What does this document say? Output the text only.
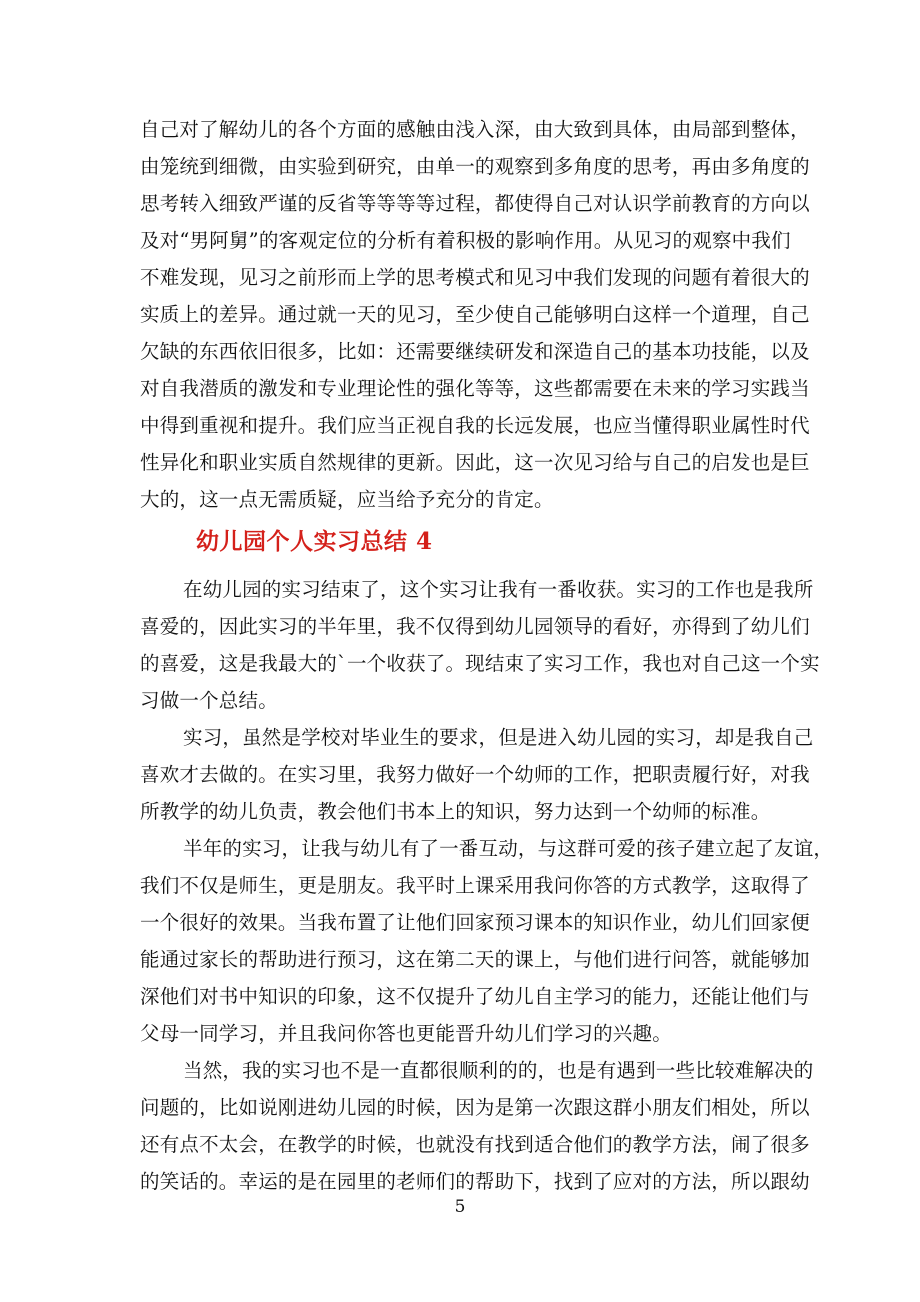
自己对了解幼儿的各个方面的感触由浅入深，由大致到具体，由局部到整体，
由笼统到细微，由实验到研究，由单一的观察到多角度的思考，再由多角度的
思考转入细致严谨的反省等等等等过程，都使得自己对认识学前教育的方向以
及对“男阿舅”的客观定位的分析有着积极的影响作用。从见习的观察中我们
不难发现，见习之前形而上学的思考模式和见习中我们发现的问题有着很大的
实质上的差异。通过就一天的见习，至少使自己能够明白这样一个道理，自己
欠缺的东西依旧很多，比如：还需要继续研发和深造自己的基本功技能，以及
对自我潜质的激发和专业理论性的强化等等，这些都需要在未来的学习实践当
中得到重视和提升。我们应当正视自我的长远发展，也应当懂得职业属性时代
性异化和职业实质自然规律的更新。因此，这一次见习给与自己的启发也是巨
大的，这一点无需质疑，应当给予充分的肯定。
幼儿园个人实习总结 4
在幼儿园的实习结束了，这个实习让我有一番收获。实习的工作也是我所
喜爱的，因此实习的半年里，我不仅得到幼儿园领导的看好，亦得到了幼儿们
的喜爱，这是我最大的`一个收获了。现结束了实习工作，我也对自己这一个实
习做一个总结。
实习，虽然是学校对毕业生的要求，但是进入幼儿园的实习，却是我自己
喜欢才去做的。在实习里，我努力做好一个幼师的工作，把职责履行好，对我
所教学的幼儿负责，教会他们书本上的知识，努力达到一个幼师的标准。
半年的实习，让我与幼儿有了一番互动，与这群可爱的孩子建立起了友谊，
我们不仅是师生，更是朋友。我平时上课采用我问你答的方式教学，这取得了
一个很好的效果。当我布置了让他们回家预习课本的知识作业，幼儿们回家便
能通过家长的帮助进行预习，这在第二天的课上，与他们进行问答，就能够加
深他们对书中知识的印象，这不仅提升了幼儿自主学习的能力，还能让他们与
父母一同学习，并且我问你答也更能晋升幼儿们学习的兴趣。
当然，我的实习也不是一直都很顺利的的，也是有遇到一些比较难解决的
问题的，比如说刚进幼儿园的时候，因为是第一次跟这群小朋友们相处，所以
还有点不太会，在教学的时候，也就没有找到适合他们的教学方法，闹了很多
的笑话的。幸运的是在园里的老师们的帮助下，找到了应对的方法，所以跟幼
5
